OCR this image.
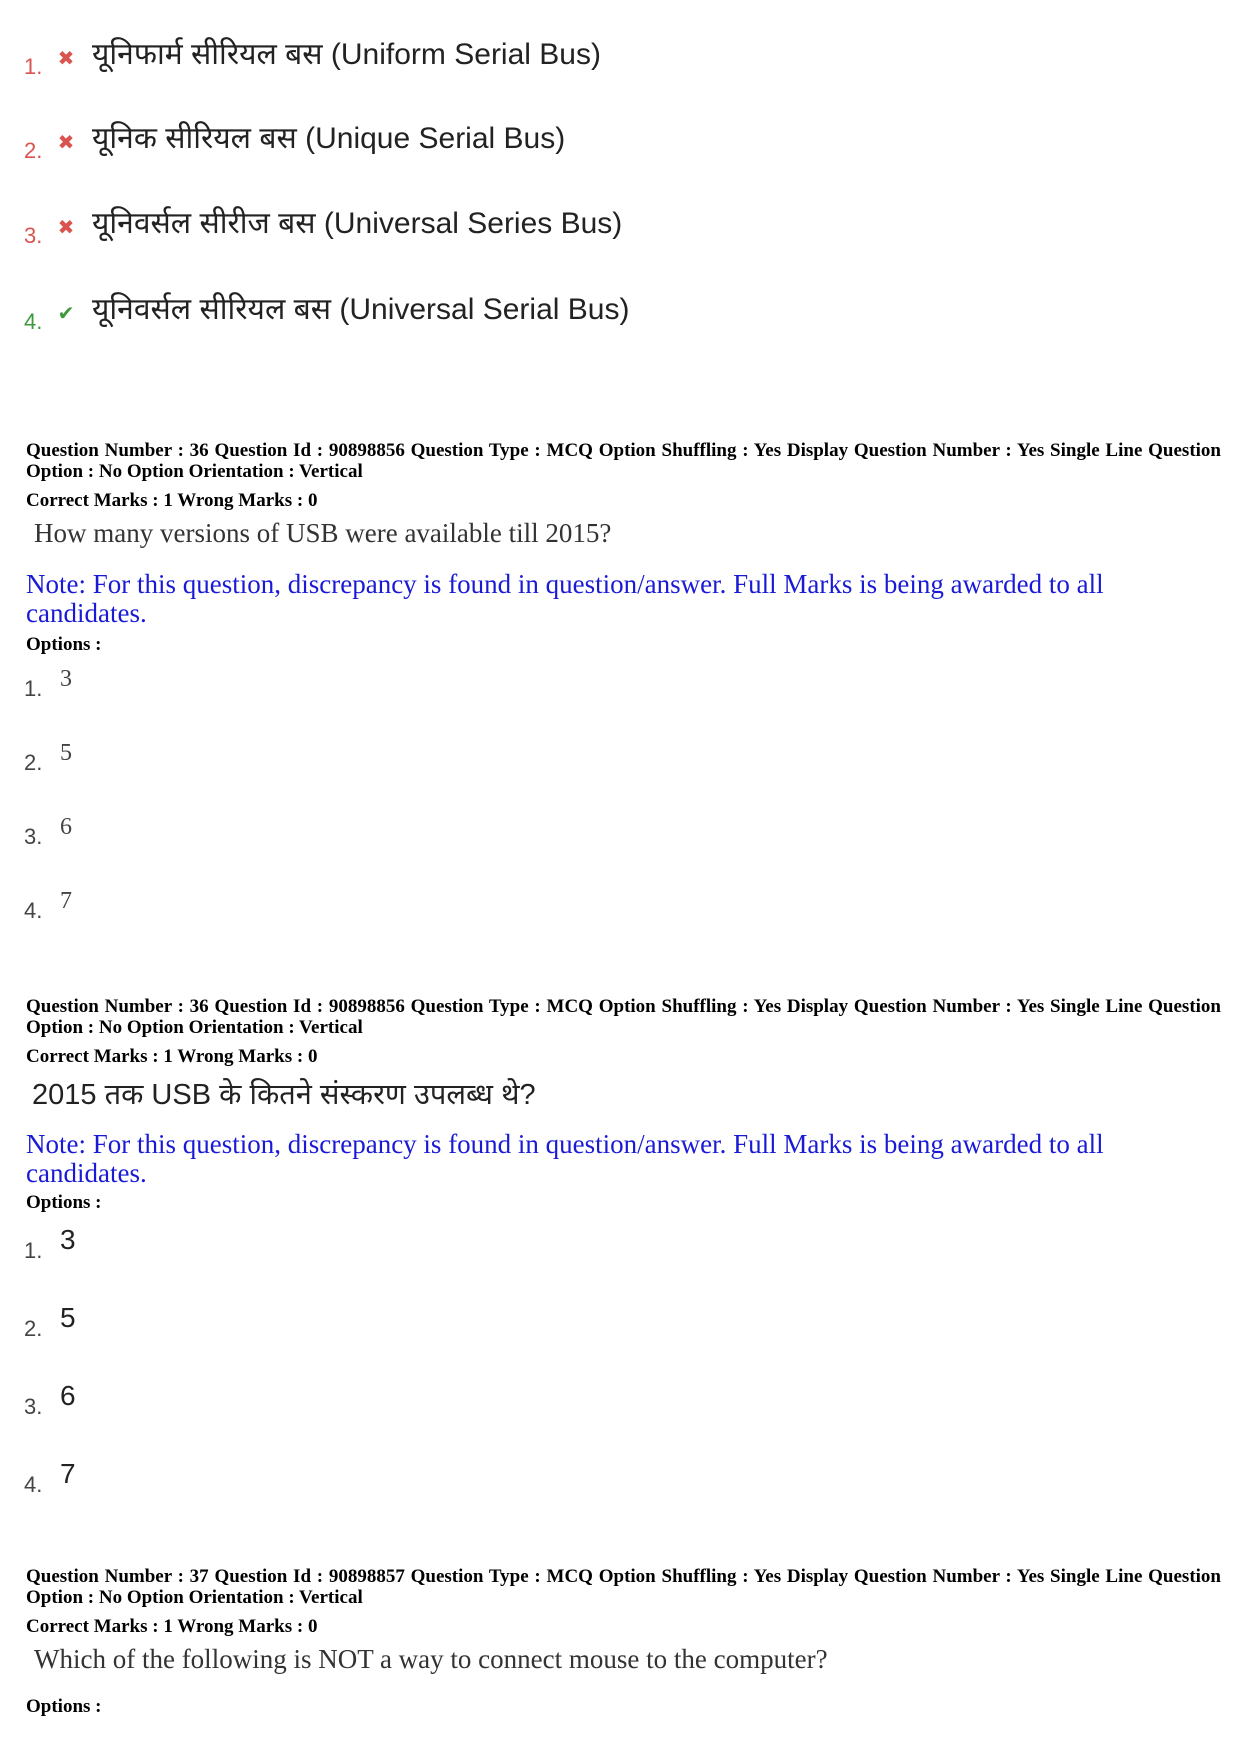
1. ✖ यूनिफार्म सीरियल बस (Uniform Serial Bus)
2. ✖ यूनिक सीरियल बस (Unique Serial Bus)
3. ✖ यूनिवर्सल सीरीज बस (Universal Series Bus)
4. ✔ यूनिवर्सल सीरियल बस (Universal Serial Bus)
Question Number : 36 Question Id : 90898856 Question Type : MCQ Option Shuffling : Yes Display Question Number : Yes Single Line Question Option : No Option Orientation : Vertical
Correct Marks : 1 Wrong Marks : 0
How many versions of USB were available till 2015?
Note: For this question, discrepancy is found in question/answer. Full Marks is being awarded to all candidates.
Options :
1. 3
2. 5
3. 6
4. 7
Question Number : 36 Question Id : 90898856 Question Type : MCQ Option Shuffling : Yes Display Question Number : Yes Single Line Question Option : No Option Orientation : Vertical
Correct Marks : 1 Wrong Marks : 0
2015 तक USB के कितने संस्करण उपलब्ध थे?
Note: For this question, discrepancy is found in question/answer. Full Marks is being awarded to all candidates.
Options :
1. 3
2. 5
3. 6
4. 7
Question Number : 37 Question Id : 90898857 Question Type : MCQ Option Shuffling : Yes Display Question Number : Yes Single Line Question Option : No Option Orientation : Vertical
Correct Marks : 1 Wrong Marks : 0
Which of the following is NOT a way to connect mouse to the computer?
Options :
